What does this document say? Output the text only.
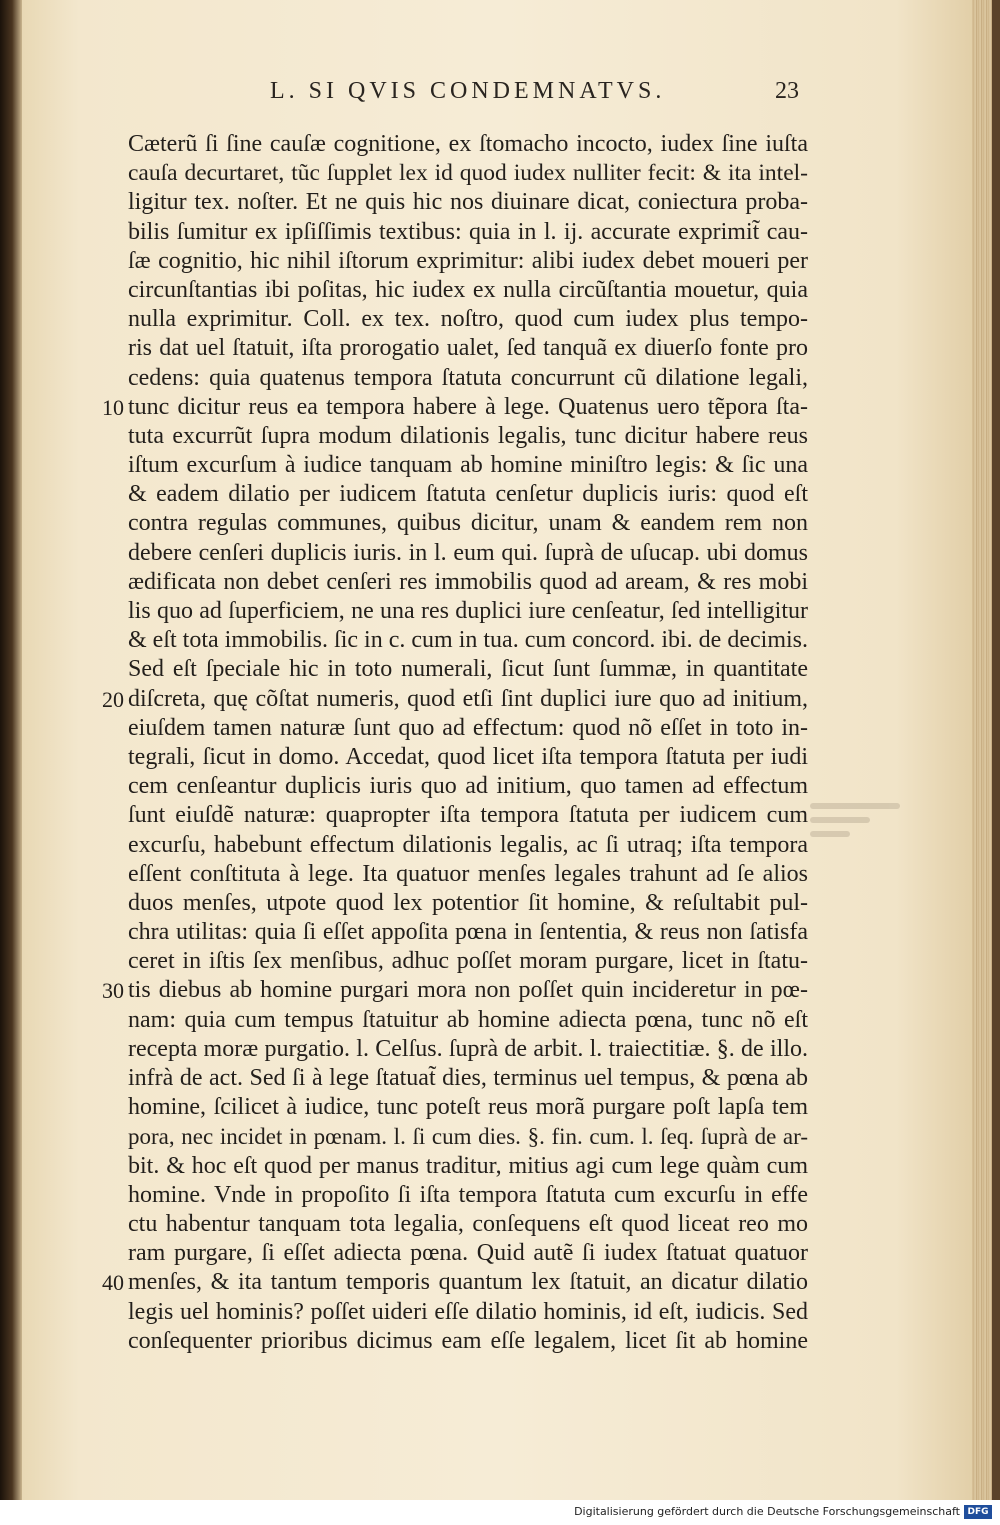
L. SI QVIS CONDEMNATVS.	23
Cæterũ ſi ſine cauſæ cognitione, ex ſtomacho incocto, iudex ſine iuſta
cauſa decurtaret, tũc ſupplet lex id quod iudex nulliter fecit: & ita intel-
ligitur tex. noſter. Et ne quis hic nos diuinare dicat, coniectura proba-
bilis ſumitur ex ipſiſſimis textibus: quia in l. ij. accurate exprimit̃ cau-
ſæ cognitio, hic nihil iſtorum exprimitur: alibi iudex debet moueri per
circunſtantias ibi poſitas, hic iudex ex nulla circũſtantia mouetur, quia
nulla exprimitur. Coll. ex tex. noſtro, quod cum iudex plus tempo-
ris dat uel ſtatuit, iſta prorogatio ualet, ſed tanquã ex diuerſo fonte pro
cedens: quia quatenus tempora ſtatuta concurrunt cũ dilatione legali,
10 tunc dicitur reus ea tempora habere à lege. Quatenus uero tẽpora ſta-
tuta excurrũt ſupra modum dilationis legalis, tunc dicitur habere reus
iſtum excurſum à iudice tanquam ab homine miniſtro legis: & ſic una
& eadem dilatio per iudicem ſtatuta cenſetur duplicis iuris: quod eſt
contra regulas communes, quibus dicitur, unam & eandem rem non
debere cenſeri duplicis iuris. in l. eum qui. ſuprà de uſucap. ubi domus
ædificata non debet cenſeri res immobilis quod ad aream, & res mobi
lis quo ad ſuperficiem, ne una res duplici iure cenſeatur, ſed intelligitur
& eſt tota immobilis. ſic in c. cum in tua. cum concord. ibi. de decimis.
Sed eſt ſpeciale hic in toto numerali, ſicut ſunt ſummæ, in quantitate
20 diſcreta, quę cõſtat numeris, quod etſi ſint duplici iure quo ad initium,
eiuſdem tamen naturæ ſunt quo ad effectum: quod nõ eſſet in toto in-
tegrali, ſicut in domo. Accedat, quod licet iſta tempora ſtatuta per iudi
cem cenſeantur duplicis iuris quo ad initium, quo tamen ad effectum
ſunt eiuſdẽ naturæ: quapropter iſta tempora ſtatuta per iudicem cum
excurſu, habebunt effectum dilationis legalis, ac ſi utraq; iſta tempora
eſſent conſtituta à lege. Ita quatuor menſes legales trahunt ad ſe alios
duos menſes, utpote quod lex potentior ſit homine, & reſultabit pul-
chra utilitas: quia ſi eſſet appoſita pœna in ſententia, & reus non ſatisfa
ceret in iſtis ſex menſibus, adhuc poſſet moram purgare, licet in ſtatu-
30 tis diebus ab homine purgari mora non poſſet quin incideretur in pœ-
nam: quia cum tempus ſtatuitur ab homine adiecta pœna, tunc nõ eſt
recepta moræ purgatio. l. Celſus. ſuprà de arbit. l. traiectitiæ. §. de illo.
infrà de act. Sed ſi à lege ſtatuat̃ dies, terminus uel tempus, & pœna ab
homine, ſcilicet à iudice, tunc poteſt reus morã purgare poſt lapſa tem
pora, nec incidet in pœnam. l. ſi cum dies. §. fin. cum. l. ſeq. ſuprà de ar-
bit. & hoc eſt quod per manus traditur, mitius agi cum lege quàm cum
homine. Vnde in propoſito ſi iſta tempora ſtatuta cum excurſu in effe
ctu habentur tanquam tota legalia, conſequens eſt quod liceat reo mo
ram purgare, ſi eſſet adiecta pœna. Quid autẽ ſi iudex ſtatuat quatuor
40 menſes, & ita tantum temporis quantum lex ſtatuit, an dicatur dilatio
legis uel hominis? poſſet uideri eſſe dilatio hominis, id eſt, iudicis. Sed
conſequenter prioribus dicimus eam eſſe legalem, licet ſit ab homine
Digitalisierung gefördert durch die Deutsche Forschungsgemeinschaft DFG
